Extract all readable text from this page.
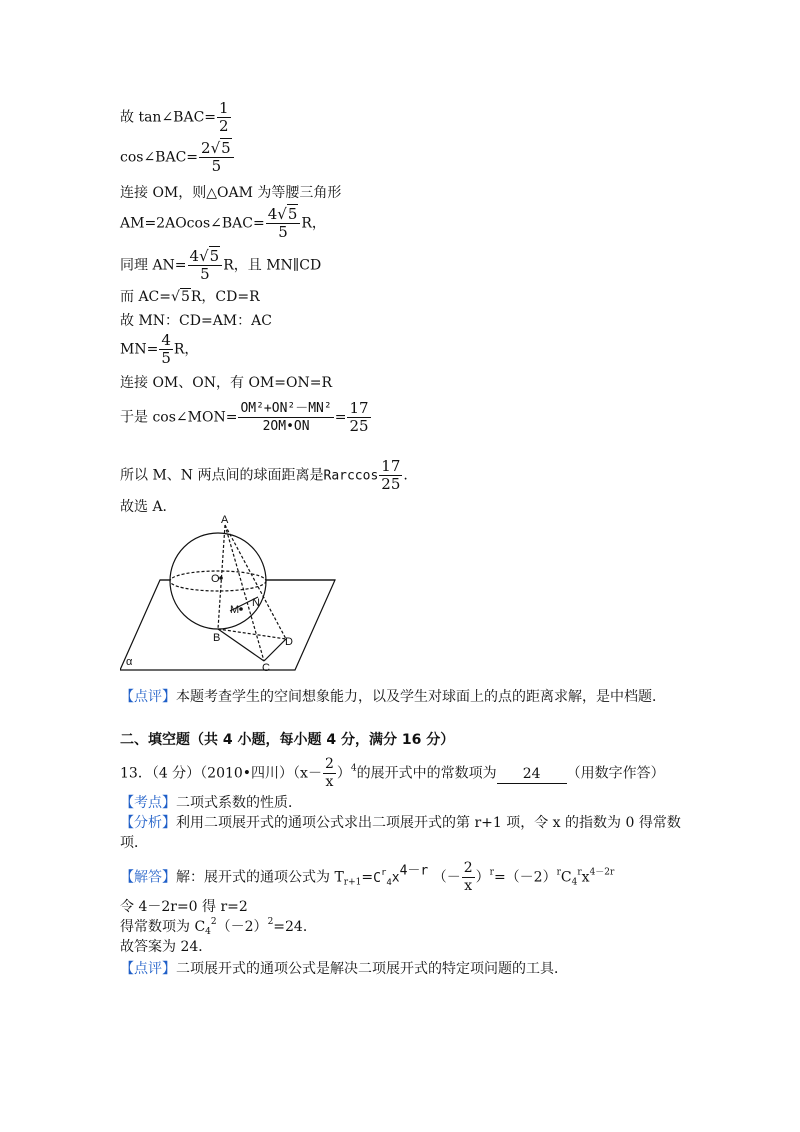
故 tan∠BAC= $\frac{1}{2}$
cos∠BAC= $\frac{2√5}{5}$
连接 OM，则△OAM 为等腰三角形
AM=2AOcos∠BAC= $\frac{4√5}{5}$ R，
同理 $AN= \frac{4√5}{5}$ R，且 MN∥CD
而 AC=√5R，CD=R
故 MN：CD=AM：AC
$MN= \frac{4}{5}$ R，
连接 OM、ON，有 OM=ON=R
于是 cos∠MON= $\frac{\text{OM²+ON²－MN²}}{2OM•ON} = \frac{17}{25}$
所以 M、N 两点间的球面距离是Rarccos $\frac{17}{25}$ .
故选 A．
A
O
M
N
B
C
D
α
【点评】本题考查学生的空间想象能力，以及学生对球面上的点的距离求解，是中档题．
二、填空题（共 4 小题，每小题 4 分，满分 16 分）
13．（4 分）（2010•四川）$(x- \frac{2}{x} )^4$的展开式中的常数项为 24 （用数字作答）
【考点】二项式系数的性质．
【分析】利用二项展开式的通项公式求出二项展开式的第 r+1 项，令 x 的指数为 0 得常数
项．
【解答】解：展开式的通项公式为 $T_{r+1}=C^r_4x^{4-r}$ （－ $\frac{2}{x} )^r=(-2)^rC_4^rx^{4-2r}$
令 4－2r=0 得 r=2
得常数项为 $C_4^2(-2)^2=24$．
故答案为 24．
【点评】二项展开式的通项公式是解决二项展开式的特定项问题的工具．
